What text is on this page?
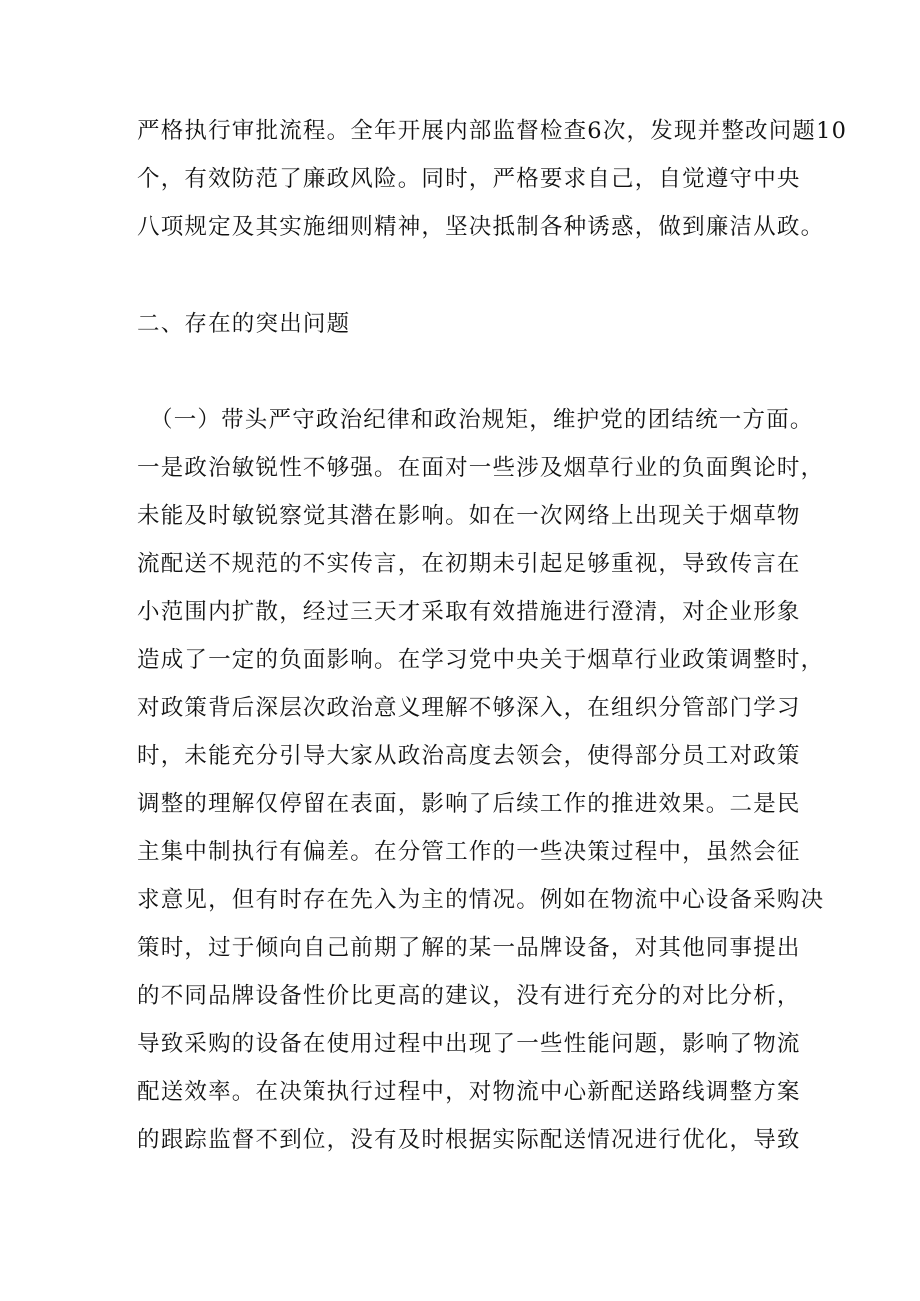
严格执行审批流程。全年开展内部监督检查6次，发现并整改问题10
个，有效防范了廉政风险。同时，严格要求自己，自觉遵守中央
八项规定及其实施细则精神，坚决抵制各种诱惑，做到廉洁从政。
二、存在的突出问题
（一）带头严守政治纪律和政治规矩，维护党的团结统一方面。
一是政治敏锐性不够强。在面对一些涉及烟草行业的负面舆论时，
未能及时敏锐察觉其潜在影响。如在一次网络上出现关于烟草物
流配送不规范的不实传言，在初期未引起足够重视，导致传言在
小范围内扩散，经过三天才采取有效措施进行澄清，对企业形象
造成了一定的负面影响。在学习党中央关于烟草行业政策调整时，
对政策背后深层次政治意义理解不够深入，在组织分管部门学习
时，未能充分引导大家从政治高度去领会，使得部分员工对政策
调整的理解仅停留在表面，影响了后续工作的推进效果。二是民
主集中制执行有偏差。在分管工作的一些决策过程中，虽然会征
求意见，但有时存在先入为主的情况。例如在物流中心设备采购决
策时，过于倾向自己前期了解的某一品牌设备，对其他同事提出
的不同品牌设备性价比更高的建议，没有进行充分的对比分析，
导致采购的设备在使用过程中出现了一些性能问题，影响了物流
配送效率。在决策执行过程中，对物流中心新配送路线调整方案
的跟踪监督不到位，没有及时根据实际配送情况进行优化，导致
